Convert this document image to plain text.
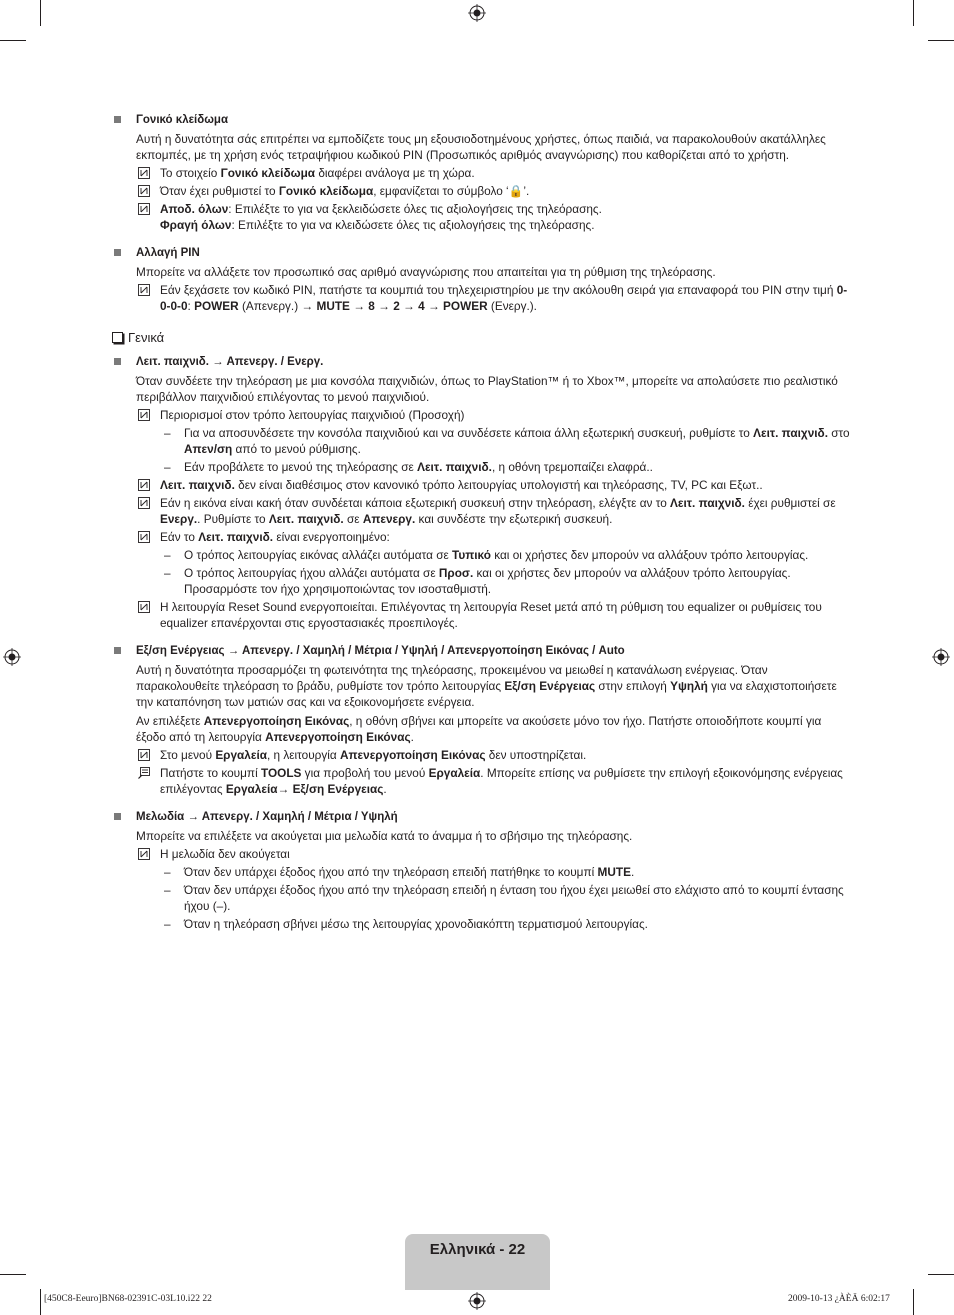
Γονικό κλείδωμα
Αυτή η δυνατότητα σάς επιτρέπει να εμποδίζετε τους μη εξουσιοδοτημένους χρήστες, όπως παιδιά, να παρακολουθούν ακατάλληλες εκπομπές, με τη χρήση ενός τετραψήφιου κωδικού PIN (Προσωπικός αριθμός αναγνώρισης) που καθορίζεται από το χρήστη.
Το στοιχείο Γονικό κλείδωμα διαφέρει ανάλογα με τη χώρα.
Όταν έχει ρυθμιστεί το Γονικό κλείδωμα, εμφανίζεται το σύμβολο ‘🔒’.
Αποδ. όλων: Επιλέξτε το για να ξεκλειδώσετε όλες τις αξιολογήσεις της τηλεόρασης.
Φραγή όλων: Επιλέξτε το για να κλειδώσετε όλες τις αξιολογήσεις της τηλεόρασης.
Αλλαγή PIN
Μπορείτε να αλλάξετε τον προσωπικό σας αριθμό αναγνώρισης που απαιτείται για τη ρύθμιση της τηλεόρασης.
Εάν ξεχάσετε τον κωδικό PIN, πατήστε τα κουμπιά του τηλεχειριστηρίου με την ακόλουθη σειρά για επαναφορά του PIN στην τιμή 0-0-0-0: POWER (Απενεργ.) → MUTE → 8 → 2 → 4 → POWER (Ενεργ.).
Γενικά
Λειτ. παιχνιδ. → Απενεργ. / Ενεργ.
Όταν συνδέετε την τηλεόραση με μια κονσόλα παιχνιδιών, όπως το PlayStation™ ή το Xbox™, μπορείτε να απολαύσετε πιο ρεαλιστικό περιβάλλον παιχνιδιού επιλέγοντας το μενού παιχνιδιού.
Περιορισμοί στον τρόπο λειτουργίας παιχνιδιού (Προσοχή)
– Για να αποσυνδέσετε την κονσόλα παιχνιδιού και να συνδέσετε κάποια άλλη εξωτερική συσκευή, ρυθμίστε το Λειτ. παιχνιδ. στο Απεν/ση από το μενού ρύθμισης.
– Εάν προβάλετε το μενού της τηλεόρασης σε Λειτ. παιχνιδ., η οθόνη τρεμοπαίζει ελαφρά..
Λειτ. παιχνιδ. δεν είναι διαθέσιμος στον κανονικό τρόπο λειτουργίας υπολογιστή και τηλεόρασης, TV, PC και Εξωτ..
Εάν η εικόνα είναι κακή όταν συνδέεται κάποια εξωτερική συσκευή στην τηλεόραση, ελέγξτε αν το Λειτ. παιχνιδ. έχει ρυθμιστεί σε Ενεργ.. Ρυθμίστε το Λειτ. παιχνιδ. σε Απενεργ. και συνδέστε την εξωτερική συσκευή.
Εάν το Λειτ. παιχνιδ. είναι ενεργοποιημένο:
– Ο τρόπος λειτουργίας εικόνας αλλάζει αυτόματα σε Τυπικό και οι χρήστες δεν μπορούν να αλλάξουν τρόπο λειτουργίας.
– Ο τρόπος λειτουργίας ήχου αλλάζει αυτόματα σε Προσ. και οι χρήστες δεν μπορούν να αλλάξουν τρόπο λειτουργίας. Προσαρμόστε τον ήχο χρησιμοποιώντας τον ισοσταθμιστή.
Η λειτουργία Reset Sound ενεργοποιείται. Επιλέγοντας τη λειτουργία Reset μετά από τη ρύθμιση του equalizer οι ρυθμίσεις του equalizer επανέρχονται στις εργοστασιακές προεπιλογές.
Εξ/ση Ενέργειας → Απενεργ. / Χαμηλή / Μέτρια / Υψηλή / Απενεργοποίηση Εικόνας / Auto
Αυτή η δυνατότητα προσαρμόζει τη φωτεινότητα της τηλεόρασης, προκειμένου να μειωθεί η κατανάλωση ενέργειας. Όταν παρακολουθείτε τηλεόραση το βράδυ, ρυθμίστε τον τρόπο λειτουργίας Εξ/ση Ενέργειας στην επιλογή Υψηλή για να ελαχιστοποιήσετε την καταπόνηση των ματιών σας και να εξοικονομήσετε ενέργεια.
Αν επιλέξετε Απενεργοποίηση Εικόνας, η οθόνη σβήνει και μπορείτε να ακούσετε μόνο τον ήχο. Πατήστε οποιοδήποτε κουμπί για έξοδο από τη λειτουργία Απενεργοποίηση Εικόνας.
Στο μενού Εργαλεία, η λειτουργία Απενεργοποίηση Εικόνας δεν υποστηρίζεται.
Πατήστε το κουμπί TOOLS για προβολή του μενού Εργαλεία. Μπορείτε επίσης να ρυθμίσετε την επιλογή εξοικονόμησης ενέργειας επιλέγοντας Εργαλεία→ Εξ/ση Ενέργειας.
Μελωδία → Απενεργ. / Χαμηλή / Μέτρια / Υψηλή
Μπορείτε να επιλέξετε να ακούγεται μια μελωδία κατά το άναμμα ή το σβήσιμο της τηλεόρασης.
Η μελωδία δεν ακούγεται
– Όταν δεν υπάρχει έξοδος ήχου από την τηλεόραση επειδή πατήθηκε το κουμπί MUTE.
– Όταν δεν υπάρχει έξοδος ήχου από την τηλεόραση επειδή η ένταση του ήχου έχει μειωθεί στο ελάχιστο από το κουμπί έντασης ήχου (–).
– Όταν η τηλεόραση σβήνει μέσω της λειτουργίας χρονοδιακόπτη τερματισμού λειτουργίας.
Ελληνικά - 22
[450C8-Eeuro]BN68-02391C-03L10.i22 22	2009-10-13 ¿ÀÈÄ 6:02:17
